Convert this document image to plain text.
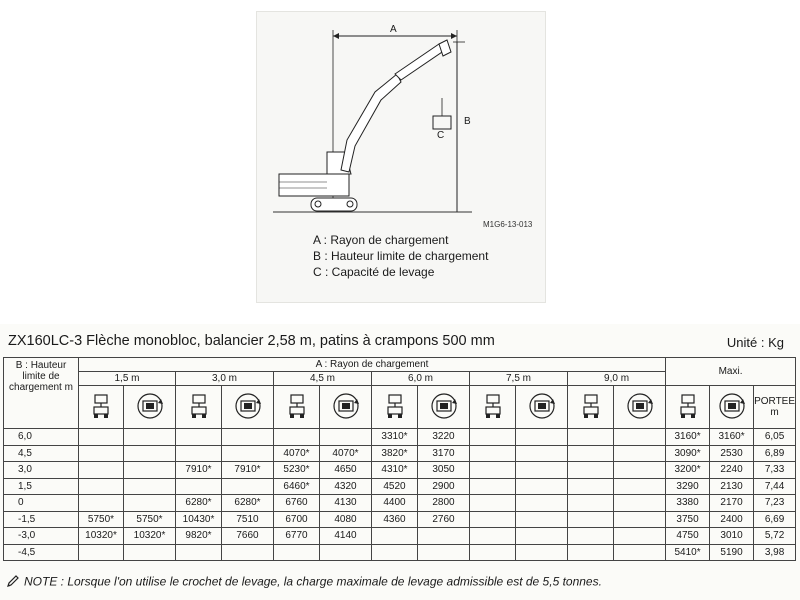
A
B
C
M1G6-13-013
A : Rayon de chargement
B : Hauteur limite de chargement
C : Capacité de levage
ZX160LC-3 Flèche monobloc, balancier 2,58 m, patins à crampons 500 mm	Unité : Kg
B : Hauteur limite de chargement m	A : Rayon de chargement												Maxi.		
	1,5 m		3,0 m		4,5 m		6,0 m		7,5 m		9,0 m				
														PORTEE m
6,0							3310*	3220					3160*	3160*	6,05
4,5					4070*	4070*	3820*	3170					3090*	2530	6,89
3,0			7910*	7910*	5230*	4650	4310*	3050					3200*	2240	7,33
1,5					6460*	4320	4520	2900					3290	2130	7,44
0			6280*	6280*	6760	4130	4400	2800					3380	2170	7,23
-1,5	5750*	5750*	10430*	7510	6700	4080	4360	2760					3750	2400	6,69
-3,0	10320*	10320*	9820*	7660	6770	4140							4750	3010	5,72
-4,5													5410*	5190	3,98
NOTE : Lorsque l'on utilise le crochet de levage, la charge maximale de levage admissible est de 5,5 tonnes.
